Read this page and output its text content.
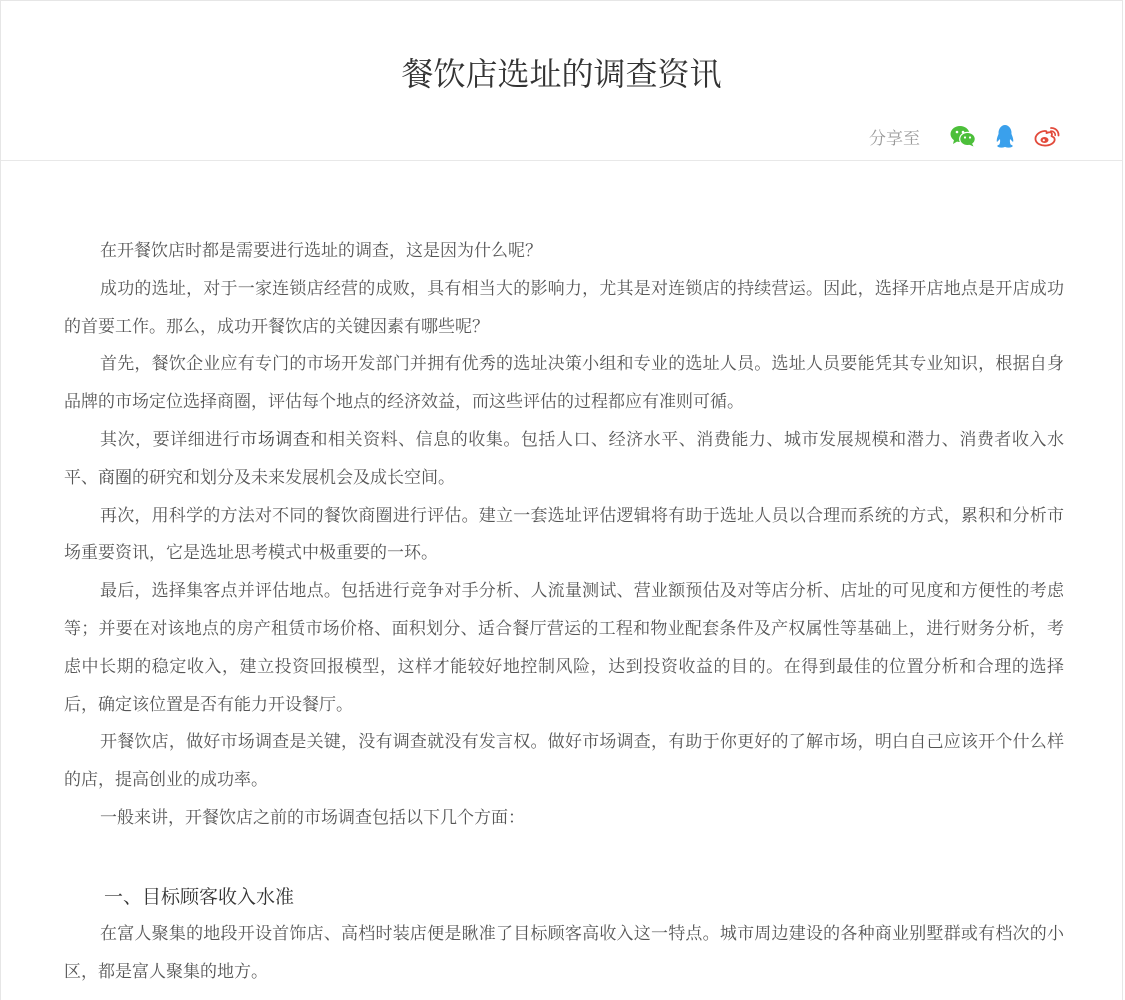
餐饮店选址的调查资讯
分享至

在开餐饮店时都是需要进行选址的调查，这是因为什么呢？

成功的选址，对于一家连锁店经营的成败，具有相当大的影响力，尤其是对连锁店的持续营运。因此，选择开店地点是开店成功的首要工作。那么，成功开餐饮店的关键因素有哪些呢？

首先，餐饮企业应有专门的市场开发部门并拥有优秀的选址决策小组和专业的选址人员。选址人员要能凭其专业知识，根据自身品牌的市场定位选择商圈，评估每个地点的经济效益，而这些评估的过程都应有准则可循。

其次，要详细进行市场调查和相关资料、信息的收集。包括人口、经济水平、消费能力、城市发展规模和潜力、消费者收入水平、商圈的研究和划分及未来发展机会及成长空间。

再次，用科学的方法对不同的餐饮商圈进行评估。建立一套选址评估逻辑将有助于选址人员以合理而系统的方式，累积和分析市场重要资讯，它是选址思考模式中极重要的一环。

最后，选择集客点并评估地点。包括进行竞争对手分析、人流量测试、营业额预估及对等店分析、店址的可见度和方便性的考虑等；并要在对该地点的房产租赁市场价格、面积划分、适合餐厅营运的工程和物业配套条件及产权属性等基础上，进行财务分析，考虑中长期的稳定收入，建立投资回报模型，这样才能较好地控制风险，达到投资收益的目的。在得到最佳的位置分析和合理的选择后，确定该位置是否有能力开设餐厅。

开餐饮店，做好市场调查是关键，没有调查就没有发言权。做好市场调查，有助于你更好的了解市场，明白自己应该开个什么样的店，提高创业的成功率。

一般来讲，开餐饮店之前的市场调查包括以下几个方面：

一、目标顾客收入水准

在富人聚集的地段开设首饰店、高档时装店便是瞅准了目标顾客高收入这一特点。城市周边建设的各种商业别墅群或有档次的小区，都是富人聚集的地方。
